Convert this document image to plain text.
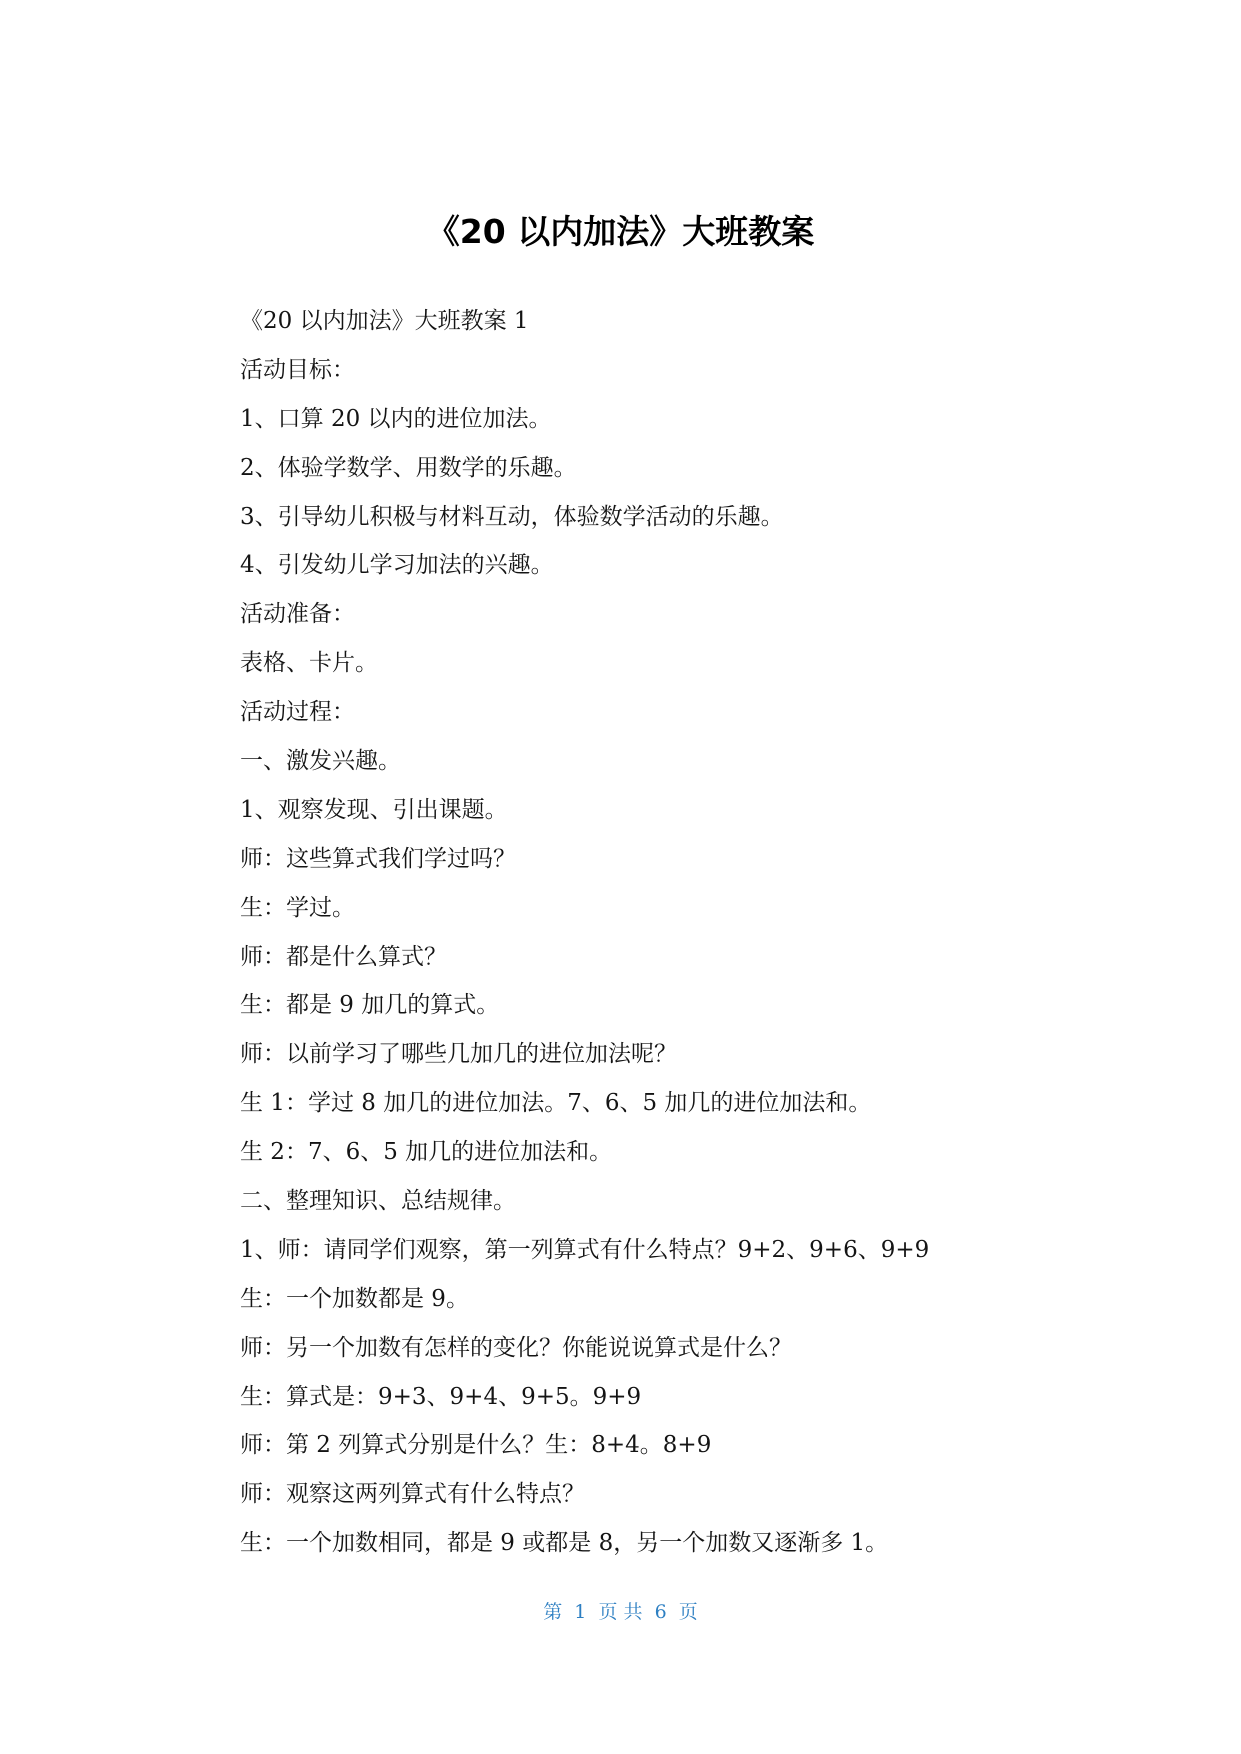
《20 以内加法》大班教案
《20 以内加法》大班教案 1
活动目标：
1、口算 20 以内的进位加法。
2、体验学数学、用数学的乐趣。
3、引导幼儿积极与材料互动，体验数学活动的乐趣。
4、引发幼儿学习加法的兴趣。
活动准备：
表格、卡片。
活动过程：
一、激发兴趣。
1、观察发现、引出课题。
师：这些算式我们学过吗？
生：学过。
师：都是什么算式？
生：都是 9 加几的算式。
师：以前学习了哪些几加几的进位加法呢？
生 1：学过 8 加几的进位加法。7、6、5 加几的进位加法和。
生 2：7、6、5 加几的进位加法和。
二、整理知识、总结规律。
1、师：请同学们观察，第一列算式有什么特点？9+2、9+6、9+9
生：一个加数都是 9。
师：另一个加数有怎样的变化？你能说说算式是什么？
生：算式是：9+3、9+4、9+5。9+9
师：第 2 列算式分别是什么？生：8+4。8+9
师：观察这两列算式有什么特点？
生：一个加数相同，都是 9 或都是 8，另一个加数又逐渐多 1。
第  1  页 共  6  页
